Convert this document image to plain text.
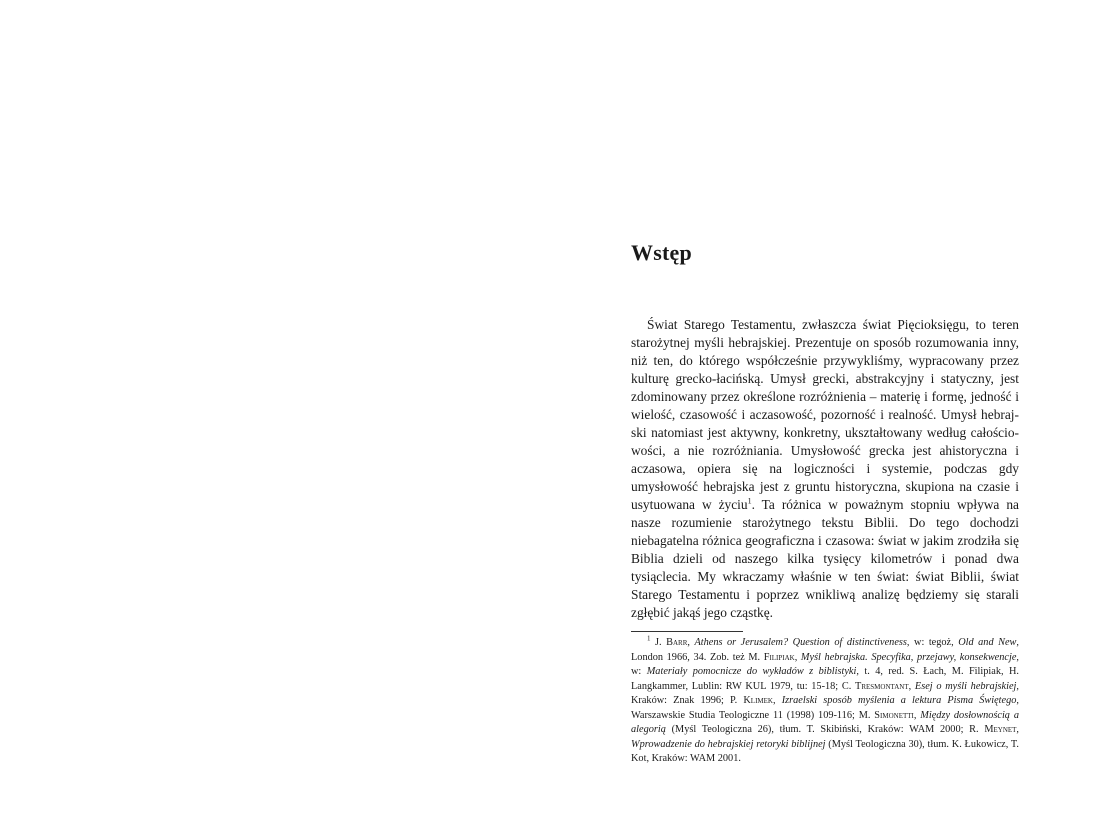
Wstęp

Świat Starego Testamentu, zwłaszcza świat Pięcioksięgu, to teren starożytnej myśli hebrajskiej. Prezentuje on sposób rozumowania inny, niż ten, do którego współcześnie przywykliśmy, wypracowany przez kulturę grecko-łacińską. Umysł grecki, abstrakcyjny i statyczny, jest zdominowany przez określone rozróżnienia – materię i formę, jedność i wielość, czasowość i aczasowość, pozorność i realność. Umysł hebrajski natomiast jest aktywny, konkretny, ukształtowany według całościowości, a nie rozróżniania. Umysłowość grecka jest ahistoryczna i aczasowa, opiera się na logiczności i systemie, podczas gdy umysłowość hebrajska jest z gruntu historyczna, skupiona na czasie i usytuowana w życiu$^1$. Ta różnica w poważnym stopniu wpływa na nasze rozumienie starożytnego tekstu Biblii. Do tego dochodzi niebagatelna różnica geograficzna i czasowa: świat w jakim zrodziła się Biblia dzieli od naszego kilka tysięcy kilometrów i ponad dwa tysiąclecia. My wkraczamy właśnie w ten świat: świat Biblii, świat Starego Testamentu i poprzez wnikliwą analizę będziemy się starali zgłębić jakąś jego cząstkę.

$^1$ J. Barr, Athens or Jerusalem? Question of distinctiveness, w: tegoż, Old and New, London 1966, 34. Zob. też M. Filipiak, Myśl hebrajska. Specyfika, przejawy, konsekwencje, w: Materiały pomocnicze do wykładów z biblistyki, t. 4, red. S. Łach, M. Filipiak, H. Langkammer, Lublin: RW KUL 1979, tu: 15-18; C. Tresmontant, Esej o myśli hebrajskiej, Kraków: Znak 1996; P. Klimek, Izraelski sposób myślenia a lektura Pisma Świętego, Warszawskie Studia Teologiczne 11 (1998) 109-116; M. Simonetti, Między dosłownością a alegorią (Myśl Teologiczna 26), tłum. T. Skibiński, Kraków: WAM 2000; R. Meynet, Wprowadzenie do hebrajskiej retoryki biblijnej (Myśl Teologiczna 30), tłum. K. Łukowicz, T. Kot, Kraków: WAM 2001.
